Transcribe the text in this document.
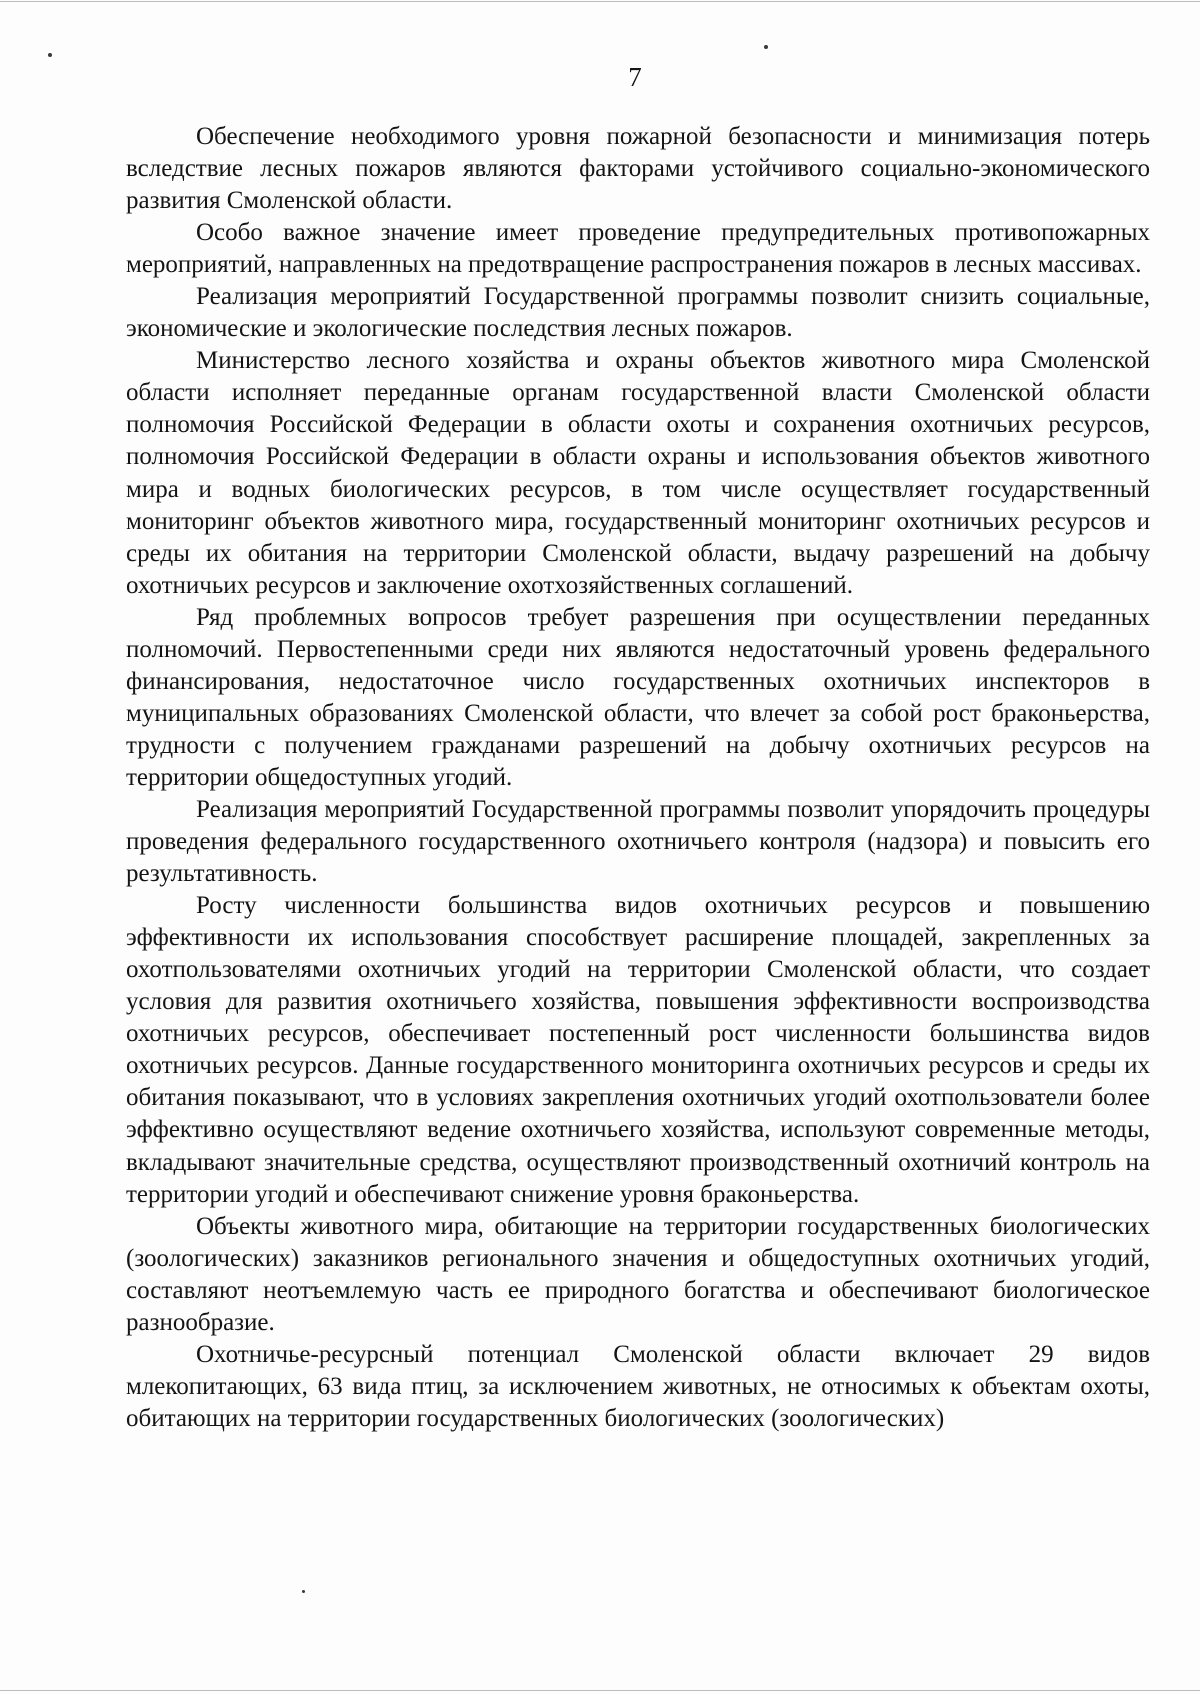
7

Обеспечение необходимого уровня пожарной безопасности и минимизация потерь вследствие лесных пожаров являются факторами устойчивого социально-экономического развития Смоленской области.

Особо важное значение имеет проведение предупредительных противопожарных мероприятий, направленных на предотвращение распространения пожаров в лесных массивах.

Реализация мероприятий Государственной программы позволит снизить социальные, экономические и экологические последствия лесных пожаров.

Министерство лесного хозяйства и охраны объектов животного мира Смоленской области исполняет переданные органам государственной власти Смоленской области полномочия Российской Федерации в области охоты и сохранения охотничьих ресурсов, полномочия Российской Федерации в области охраны и использования объектов животного мира и водных биологических ресурсов, в том числе осуществляет государственный мониторинг объектов животного мира, государственный мониторинг охотничьих ресурсов и среды их обитания на территории Смоленской области, выдачу разрешений на добычу охотничьих ресурсов и заключение охотхозяйственных соглашений.

Ряд проблемных вопросов требует разрешения при осуществлении переданных полномочий. Первостепенными среди них являются недостаточный уровень федерального финансирования, недостаточное число государственных охотничьих инспекторов в муниципальных образованиях Смоленской области, что влечет за собой рост браконьерства, трудности с получением гражданами разрешений на добычу охотничьих ресурсов на территории общедоступных угодий.

Реализация мероприятий Государственной программы позволит упорядочить процедуры проведения федерального государственного охотничьего контроля (надзора) и повысить его результативность.

Росту численности большинства видов охотничьих ресурсов и повышению эффективности их использования способствует расширение площадей, закрепленных за охотпользователями охотничьих угодий на территории Смоленской области, что создает условия для развития охотничьего хозяйства, повышения эффективности воспроизводства охотничьих ресурсов, обеспечивает постепенный рост численности большинства видов охотничьих ресурсов. Данные государственного мониторинга охотничьих ресурсов и среды их обитания показывают, что в условиях закрепления охотничьих угодий охотпользователи более эффективно осуществляют ведение охотничьего хозяйства, используют современные методы, вкладывают значительные средства, осуществляют производственный охотничий контроль на территории угодий и обеспечивают снижение уровня браконьерства.

Объекты животного мира, обитающие на территории государственных биологических (зоологических) заказников регионального значения и общедоступных охотничьих угодий, составляют неотъемлемую часть ее природного богатства и обеспечивают биологическое разнообразие.

Охотничье-ресурсный потенциал Смоленской области включает 29 видов млекопитающих, 63 вида птиц, за исключением животных, не относимых к объектам охоты, обитающих на территории государственных биологических (зоологических)
